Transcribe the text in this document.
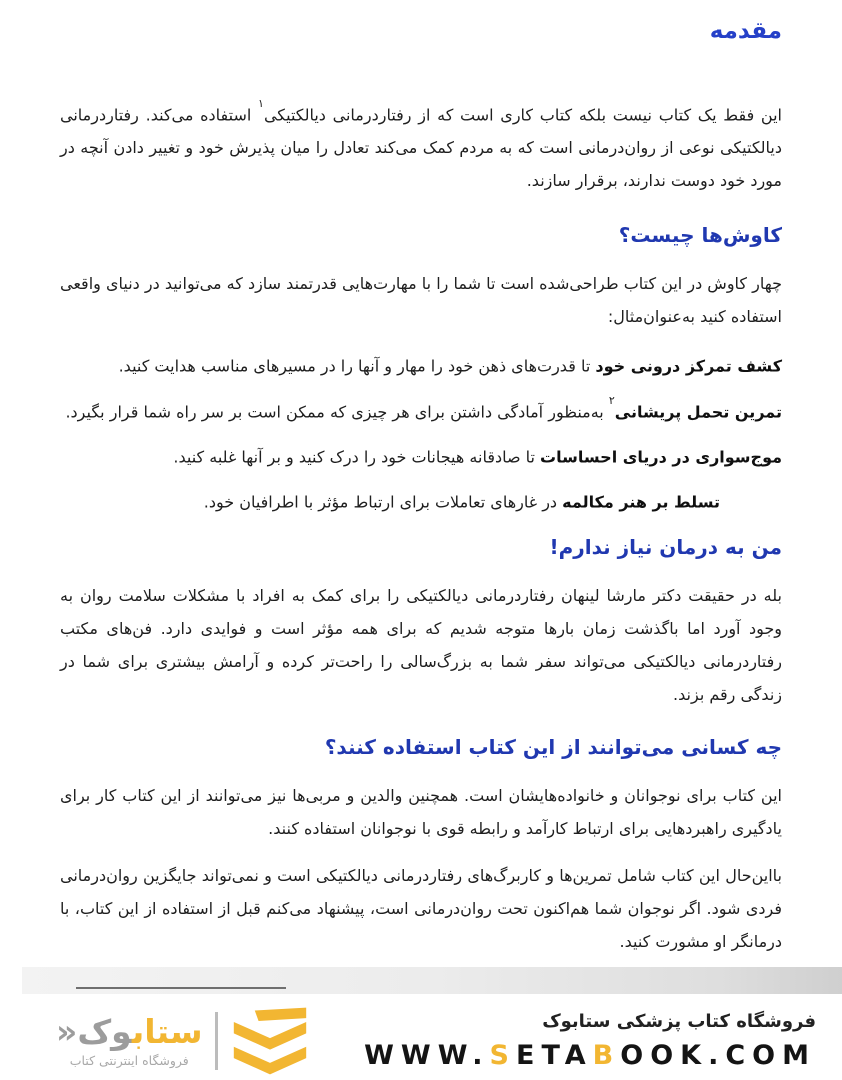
مقدمه

این فقط یک کتاب نیست بلکه کتاب کاری است که از رفتاردرمانی دیالکتیکی$^۱$ استفاده می‌کند. رفتاردرمانی دیالکتیکی نوعی از روان‌درمانی است که به مردم کمک می‌کند تعادل را میان پذیرش خود و تغییر دادن آنچه در مورد خود دوست ندارند، برقرار سازند.

کاوش‌ها چیست؟

چهار کاوش در این کتاب طراحی‌شده است تا شما را با مهارت‌هایی قدرتمند سازد که می‌توانید در دنیای واقعی استفاده کنید به‌عنوان‌مثال:

کشف تمرکز درونی خود تا قدرت‌های ذهن خود را مهار و آنها را در مسیرهای مناسب هدایت کنید.

تمرین تحمل پریشانی$^۲$ به‌منظور آمادگی داشتن برای هر چیزی که ممکن است بر سر راه شما قرار بگیرد.

موج‌سواری در دریای احساسات تا صادقانه هیجانات خود را درک کنید و بر آنها غلبه کنید.

تسلط بر هنر مکالمه در غارهای تعاملات برای ارتباط مؤثر با اطرافیان خود.

من به درمان نیاز ندارم!

بله در حقیقت دکتر مارشا لینهان رفتاردرمانی دیالکتیکی را برای کمک به افراد با مشکلات سلامت روان به وجود آورد اما باگذشت زمان بارها متوجه شدیم که برای همه مؤثر است و فوایدی دارد. فن‌های مکتب رفتاردرمانی دیالکتیکی می‌تواند سفر شما به بزرگ‌سالی را راحت‌تر کرده و آرامش بیشتری برای شما در زندگی رقم بزند.

چه کسانی می‌توانند از این کتاب استفاده کنند؟

این کتاب برای نوجوانان و خانواده‌هایشان است. همچنین والدین و مربی‌ها نیز می‌توانند از این کتاب کار برای یادگیری راهبردهایی برای ارتباط کارآمد و رابطه قوی با نوجوانان استفاده کنند.

بااین‌حال این کتاب شامل تمرین‌ها و کاربرگ‌های رفتاردرمانی دیالکتیکی است و نمی‌تواند جایگزین روان‌درمانی فردی شود. اگر نوجوان شما هم‌اکنون تحت روان‌درمانی است، پیشنهاد می‌کنم قبل از استفاده از این کتاب، با درمانگر او مشورت کنید.

ستابوک«
فروشگاه اینترنتی کتاب
فروشگاه کتاب پزشکی ستابوک
WWW.SETABOOK.COM
